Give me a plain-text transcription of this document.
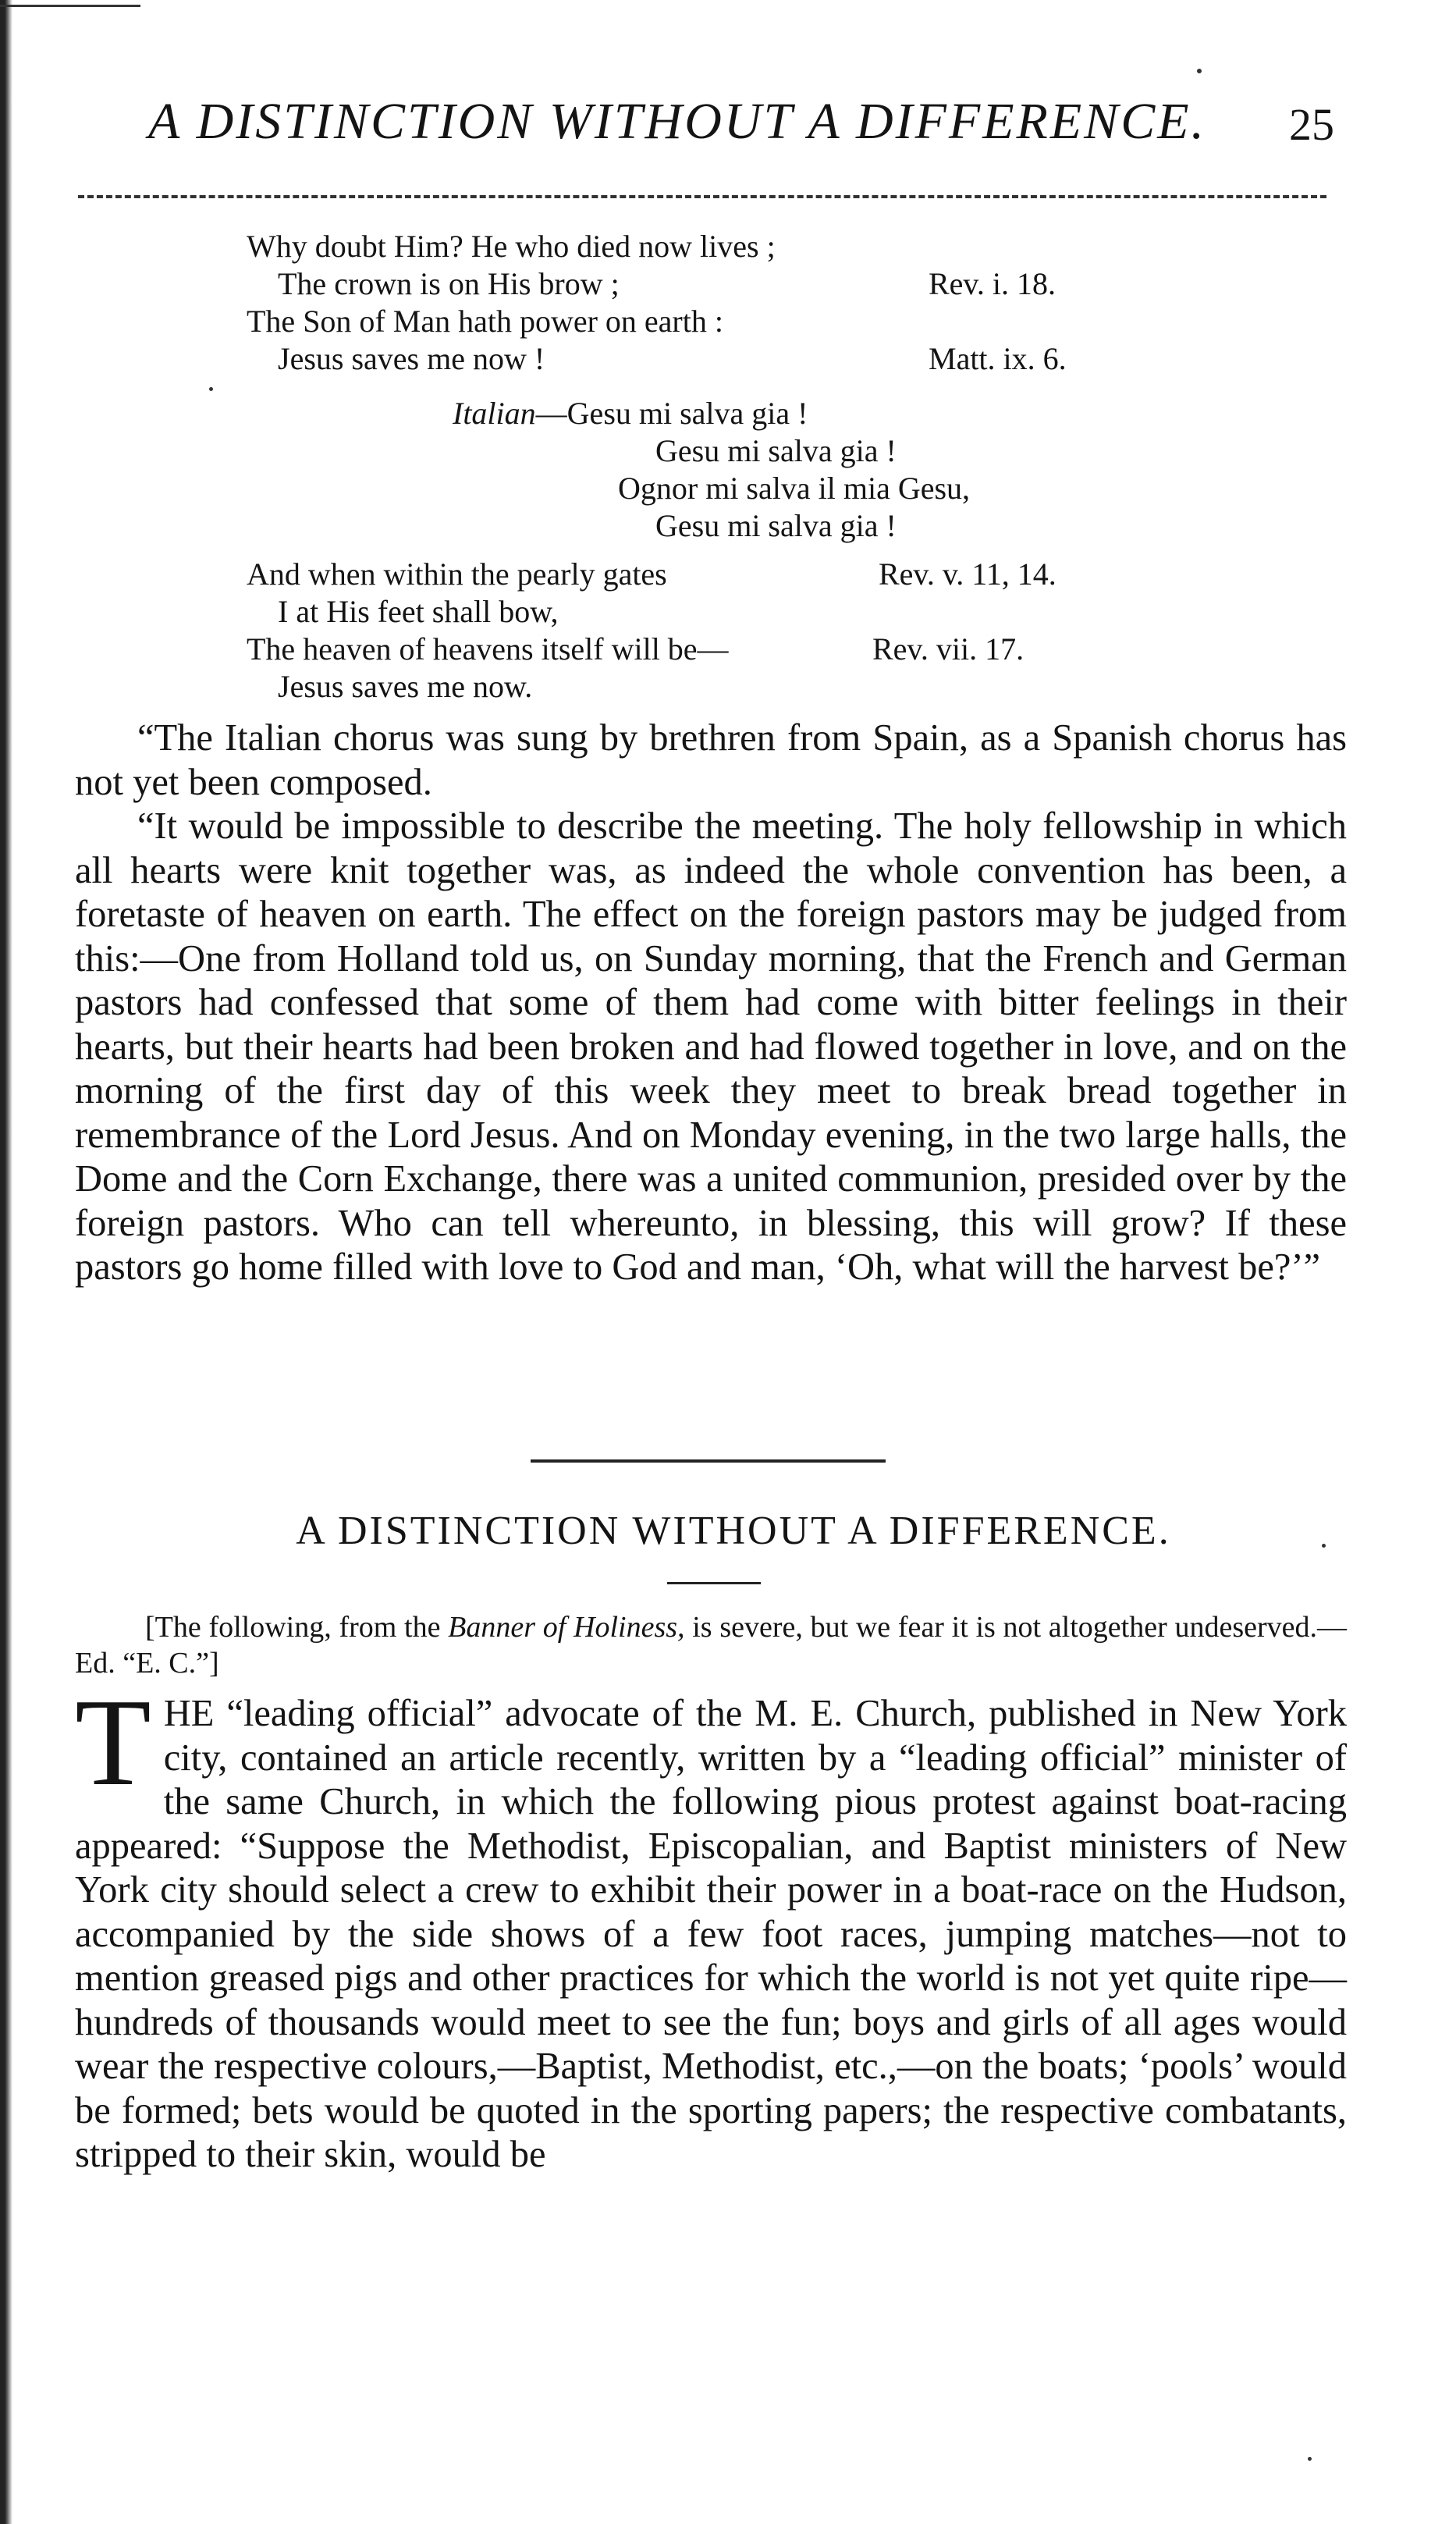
A DISTINCTION WITHOUT A DIFFERENCE. 25
Why doubt Him? He who died now lives ;
The crown is on His brow ;	Rev. i. 18.
The Son of Man hath power on earth :
Jesus saves me now !	Matt. ix. 6.
Italian—Gesu mi salva gia !
Gesu mi salva gia !
Ognor mi salva il mia Gesu,
Gesu mi salva gia !
And when within the pearly gates	Rev. v. 11, 14.
I at His feet shall bow,
The heaven of heavens itself will be—	Rev. vii. 17.
Jesus saves me now.

“The Italian chorus was sung by brethren from Spain, as a Spanish chorus has not yet been composed.

“It would be impossible to describe the meeting. The holy fellowship in which all hearts were knit together was, as indeed the whole convention has been, a foretaste of heaven on earth. The effect on the foreign pastors may be judged from this:—One from Holland told us, on Sunday morning, that the French and German pastors had confessed that some of them had come with bitter feelings in their hearts, but their hearts had been broken and had flowed together in love, and on the morning of the first day of this week they meet to break bread together in remembrance of the Lord Jesus. And on Monday evening, in the two large halls, the Dome and the Corn Exchange, there was a united communion, presided over by the foreign pastors. Who can tell whereunto, in blessing, this will grow? If these pastors go home filled with love to God and man, ‘Oh, what will the harvest be?’”

A DISTINCTION WITHOUT A DIFFERENCE.

[The following, from the Banner of Holiness, is severe, but we fear it is not altogether undeserved.—Ed. “E. C.”]

THE “leading official” advocate of the M. E. Church, published in New York city, contained an article recently, written by a “leading official” minister of the same Church, in which the following pious protest against boat-racing appeared: “Suppose the Methodist, Episcopalian, and Baptist ministers of New York city should select a crew to exhibit their power in a boat-race on the Hudson, accompanied by the side shows of a few foot races, jumping matches—not to mention greased pigs and other practices for which the world is not yet quite ripe—hundreds of thousands would meet to see the fun; boys and girls of all ages would wear the respective colours,—Baptist, Methodist, etc.,—on the boats; ‘pools’ would be formed; bets would be quoted in the sporting papers; the respective combatants, stripped to their skin, would be
